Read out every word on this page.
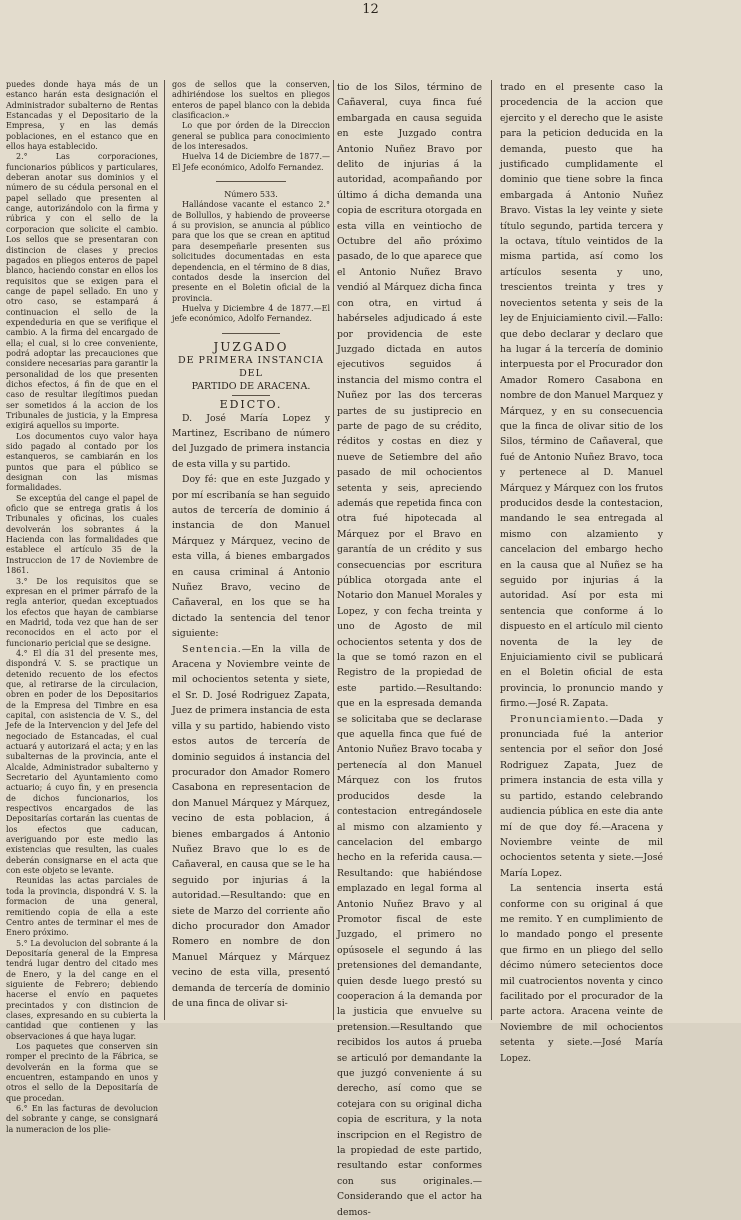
12

puedes donde haya más de un estanco harán esta designación el Administrador subalterno de Rentas Estancadas y el Depositario de la Empresa, y en las demás poblaciones, en el estanco que en ellos haya establecido.

2.° Las corporaciones, funcionarios públicos y particulares, deberan anotar sus dominios y el número de su cédula personal en el papel sellado que presenten al cange, autorizándolo con la firma y rúbrica y con el sello de la corporacion que solicite el cambio. Los sellos que se presentaran con distincion de clases y precios pagados en pliegos enteros de papel blanco, haciendo constar en ellos los requisitos que se exigen para el cange de papel sellado. En uno y otro caso, se estampará á continuacion el sello de la expendeduria en que se verifique el cambio. A la firma del encargado de ella; el cual, si lo cree conveniente, podrá adoptar las precauciones que considere necesarias para garantir la personalidad de los que presenten dichos efectos, á fin de que en el caso de resultar ilegítimos puedan ser sometidos á la accion de los Tribunales de justicia, y la Empresa exigirá aquellos su importe.

Los documentos cuyo valor haya sido pagado al contado por los estanqueros, se cambiarán en los puntos que para el público se designan con las mismas formalidades.

Se exceptúa del cange el papel de oficio que se entrega gratis á los Tribunales y oficinas, los cuales devolverán los sobrantes á la Hacienda con las formalidades que establece el artículo 35 de la Instruccion de 17 de Noviembre de 1861.

3.° De los requisitos que se expresan en el primer párrafo de la regla anterior, quedan exceptuados los efectos que hayan de cambiarse en Madrid, toda vez que han de ser reconocidos en el acto por el funcionario pericial que se designe.

4.° El día 31 del presente mes, dispondrá V. S. se practique un detenido recuento de los efectos que, al retirarse de la circulacion, obren en poder de los Depositarios de la Empresa del Timbre en esa capital, con asistencia de V. S., del Jefe de la Intervencion y del Jefe del negociado de Estancadas, el cual actuará y autorizará el acta; y en las subalternas de la provincia, ante el Alcalde, Administrador subalterno y Secretario del Ayuntamiento como actuario; á cuyo fin, y en presencia de dichos funcionarios, los respectivos encargados de las Depositarías cortarán las cuentas de los efectos que caducan, averiguando por este medio las existencias que resulten, las cuales deberán consignarse en el acta que con este objeto se levante.

Reunidas las actas parciales de toda la provincia, dispondrá V. S. la formacion de una general, remitiendo copia de ella a este Centro antes de terminar el mes de Enero próximo.

5.° La devolucion del sobrante á la Depositaría general de la Empresa tendrá lugar dentro del citado mes de Enero, y la del cange en el siguiente de Febrero; debiendo hacerse el envío en paquetes precintados y con distincion de clases, expresando en su cubierta la cantidad que contienen y las observaciones á que haya lugar.

Los paquetes que conserven sin romper el precinto de la Fábrica, se devolverán en la forma que se encuentren, estampando en unos y otros el sello de la Depositaría de que procedan.

6.° En las facturas de devolucion del sobrante y cange, se consignará la numeracion de los plie-

gos de sellos que la conserven, adhiriéndose los sueltos en pliegos enteros de papel blanco con la debida clasificacion.»

Lo que por órden de la Direccion general se publica para conocimiento de los interesados.

Huelva 14 de Diciembre de 1877.—El Jefe económico, Adolfo Fernandez.

Número 533.

Hallándose vacante el estanco 2.° de Bollullos, y habiendo de proveerse á su provision, se anuncia al público para que los que se crean en aptitud para desempeñarle presenten sus solicitudes documentadas en esta dependencia, en el término de 8 dias, contados desde la insercion del presente en el Boletin oficial de la provincia.

Huelva y Diciembre 4 de 1877.—El jefe económico, Adolfo Fernandez.

JUZGADO

DE PRIMERA INSTANCIA

DEL

PARTIDO DE ARACENA.

EDICTO.

D. José María Lopez y Martinez, Escribano de número del Juzgado de primera instancia de esta villa y su partido.

Doy fé: que en este Juzgado y por mí escribanía se han seguido autos de tercería de dominio á instancia de don Manuel Márquez y Márquez, vecino de esta villa, á bienes embargados en causa criminal á Antonio Nuñez Bravo, vecino de Cañaveral, en los que se ha dictado la sentencia del tenor siguiente:

Sentencia.—En la villa de Aracena y Noviembre veinte de mil ochocientos setenta y siete, el Sr. D. José Rodriguez Zapata, Juez de primera instancia de esta villa y su partido, habiendo visto estos autos de tercería de dominio seguidos á instancia del procurador don Amador Romero Casabona en representacion de don Manuel Márquez y Márquez, vecino de esta poblacion, á bienes embargados á Antonio Nuñez Bravo que lo es de Cañaveral, en causa que se le ha seguido por injurias á la autoridad.—Resultando: que en siete de Marzo del corriente año dicho procurador don Amador Romero en nombre de don Manuel Márquez y Márquez vecino de esta villa, presentó demanda de tercería de dominio de una finca de olivar si-

tio de los Silos, término de Cañaveral, cuya finca fué embargada en causa seguida en este Juzgado contra Antonio Nuñez Bravo por delito de injurias á la autoridad, acompañando por último á dicha demanda una copia de escritura otorgada en esta villa en veintiocho de Octubre del año próximo pasado, de lo que aparece que el Antonio Nuñez Bravo vendió al Márquez dicha finca con otra, en virtud á habérseles adjudicado á este por providencia de este Juzgado dictada en autos ejecutivos seguidos á instancia del mismo contra el Nuñez por las dos terceras partes de su justiprecio en parte de pago de su crédito, réditos y costas en diez y nueve de Setiembre del año pasado de mil ochocientos setenta y seis, apreciendo además que repetida finca con otra fué hipotecada al Márquez por el Bravo en garantía de un crédito y sus consecuencias por escritura pública otorgada ante el Notario don Manuel Morales y Lopez, y con fecha treinta y uno de Agosto de mil ochocientos setenta y dos de la que se tomó razon en el Registro de la propiedad de este partido.—Resultando: que en la espresada demanda se solicitaba que se declarase que aquella finca que fué de Antonio Nuñez Bravo tocaba y pertenecía al don Manuel Márquez con los frutos producidos desde la contestacion entregándosele al mismo con alzamiento y cancelacion del embargo hecho en la referida causa.—Resultando: que habiéndose emplazado en legal forma al Antonio Nuñez Bravo y al Promotor fiscal de este Juzgado, el primero no opúsosele el segundo á las pretensiones del demandante, quien desde luego prestó su cooperacion á la demanda por la justicia que envuelve su pretension.—Resultando que recibidos los autos á prueba se articuló por demandante la que juzgó conveniente á su derecho, así como que se cotejara con su original dicha copia de escritura, y la nota inscripcion en el Registro de la propiedad de este partido, resultando estar conformes con sus originales.—Considerando que el actor ha demos-

trado en el presente caso la procedencia de la accion que ejercito y el derecho que le asiste para la peticion deducida en la demanda, puesto que ha justificado cumplidamente el dominio que tiene sobre la finca embargada á Antonio Nuñez Bravo. Vistas la ley veinte y siete título segundo, partida tercera y la octava, título veintidos de la misma partida, así como los artículos sesenta y uno, trescientos treinta y tres y novecientos setenta y seis de la ley de Enjuiciamiento civil.—Fallo: que debo declarar y declaro que ha lugar á la tercería de dominio interpuesta por el Procurador don Amador Romero Casabona en nombre de don Manuel Marquez y Márquez, y en su consecuencia que la finca de olivar sitio de los Silos, término de Cañaveral, que fué de Antonio Nuñez Bravo, toca y pertenece al D. Manuel Márquez y Márquez con los frutos producidos desde la contestacion, mandando le sea entregada al mismo con alzamiento y cancelacion del embargo hecho en la causa que al Nuñez se ha seguido por injurias á la autoridad. Así por esta mi sentencia que conforme á lo dispuesto en el artículo mil ciento noventa de la ley de Enjuiciamiento civil se publicará en el Boletin oficial de esta provincia, lo pronuncio mando y firmo.—José R. Zapata.

Pronunciamiento.—Dada y pronunciada fué la anterior sentencia por el señor don José Rodriguez Zapata, Juez de primera instancia de esta villa y su partido, estando celebrando audiencia pública en este dia ante mí de que doy fé.—Aracena y Noviembre veinte de mil ochocientos setenta y siete.—José María Lopez.

La sentencia inserta está conforme con su original á que me remito. Y en cumplimiento de lo mandado pongo el presente que firmo en un pliego del sello décimo número setecientos doce mil cuatrocientos noventa y cinco facilitado por el procurador de la parte actora. Aracena veinte de Noviembre de mil ochocientos setenta y siete.—José María Lopez.
